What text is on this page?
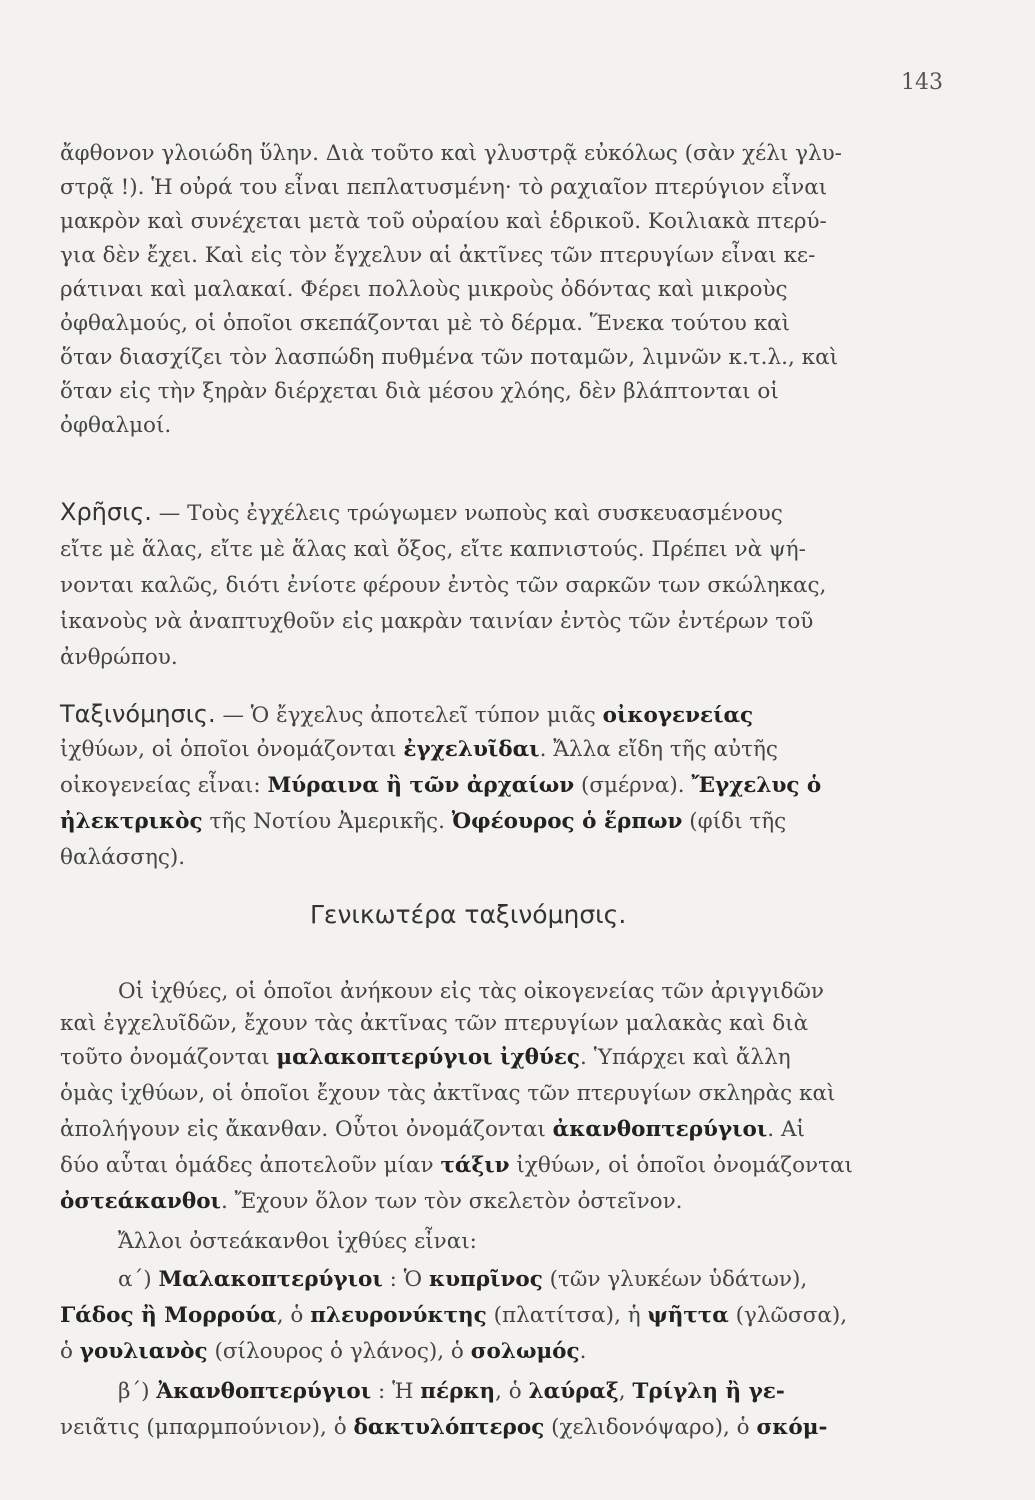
143
ἄφθονον γλοιώδη ὕλην. Διὰ τοῦτο καὶ γλυστρᾷ εὐκόλως (σὰν χέλι γλυ-
στρᾷ !). Ἡ οὐρά του εἶναι πεπλατυσμένη· τὸ ραχιαῖον πτερύγιον εἶναι
μακρὸν καὶ συνέχεται μετὰ τοῦ οὐραίου καὶ ἑδρικοῦ. Κοιλιακὰ πτερύ-
για δὲν ἔχει. Καὶ εἰς τὸν ἔγχελυν αἱ ἀκτῖνες τῶν πτερυγίων εἶναι κε-
ράτιναι καὶ μαλακαί. Φέρει πολλοὺς μικροὺς ὀδόντας καὶ μικροὺς
ὀφθαλμούς, οἱ ὁποῖοι σκεπάζονται μὲ τὸ δέρμα. Ἕνεκα τούτου καὶ
ὅταν διασχίζει τὸν λασπώδη πυθμένα τῶν ποταμῶν, λιμνῶν κ.τ.λ., καὶ
ὅταν εἰς τὴν ξηρὰν διέρχεται διὰ μέσου χλόης, δὲν βλάπτονται οἱ
ὀφθαλμοί.
Χρῆσις. — Τοὺς ἐγχέλεις τρώγωμεν νωποὺς καὶ συσκευασμένους
εἴτε μὲ ἅλας, εἴτε μὲ ἅλας καὶ ὄξος, εἴτε καπνιστούς. Πρέπει νὰ ψή-
νονται καλῶς, διότι ἐνίοτε φέρουν ἐντὸς τῶν σαρκῶν των σκώληκας,
ἱκανοὺς νὰ ἀναπτυχθοῦν εἰς μακρὰν ταινίαν ἐντὸς τῶν ἐντέρων τοῦ
ἀνθρώπου.
Ταξινόμησις. — Ὁ ἔγχελυς ἀποτελεῖ τύπον μιᾶς οἰκογενείας
ἰχθύων, οἱ ὁποῖοι ὀνομάζονται ἐγχελυῖδαι. Ἄλλα εἴδη τῆς αὐτῆς
οἰκογενείας εἶναι: Μύραινα ἢ τῶν ἀρχαίων (σμέρνα). Ἔγχελυς ὁ
ἠλεκτρικὸς τῆς Νοτίου Ἀμερικῆς. Ὀφέουρος ὁ ἕρπων (φίδι τῆς
θαλάσσης).
Γενικωτέρα ταξινόμησις.
Οἱ ἰχθύες, οἱ ὁποῖοι ἀνήκουν εἰς τὰς οἰκογενείας τῶν ἀριγγιδῶν
καὶ ἐγχελυῖδῶν, ἔχουν τὰς ἀκτῖνας τῶν πτερυγίων μαλακὰς καὶ διὰ
τοῦτο ὀνομάζονται μαλακοπτερύγιοι ἰχθύες. Ὑπάρχει καὶ ἄλλη
ὁμὰς ἰχθύων, οἱ ὁποῖοι ἔχουν τὰς ἀκτῖνας τῶν πτερυγίων σκληρὰς καὶ
ἀπολήγουν εἰς ἄκανθαν. Οὗτοι ὀνομάζονται ἀκανθοπτερύγιοι. Αἱ
δύο αὗται ὁμάδες ἀποτελοῦν μίαν τάξιν ἰχθύων, οἱ ὁποῖοι ὀνομάζονται
ὀστεάκανθοι. Ἔχουν ὅλον των τὸν σκελετὸν ὀστεῖνον.
Ἄλλοι ὀστεάκανθοι ἰχθύες εἶναι:
α΄) Μαλακοπτερύγιοι : Ὁ κυπρῖνος (τῶν γλυκέων ὑδάτων),
Γάδος ἢ Μορρούα, ὁ πλευρονύκτης (πλατίτσα), ἡ ψῆττα (γλῶσσα),
ὁ γουλιανὸς (σίλουρος ὁ γλάνος), ὁ σολωμός.
β΄) Ἀκανθοπτερύγιοι : Ἡ πέρκη, ὁ λαύραξ, Τρίγλη ἢ γε-
νειᾶτις (μπαρμπούνιον), ὁ δακτυλόπτερος (χελιδονόψαρο), ὁ σκόμ-
